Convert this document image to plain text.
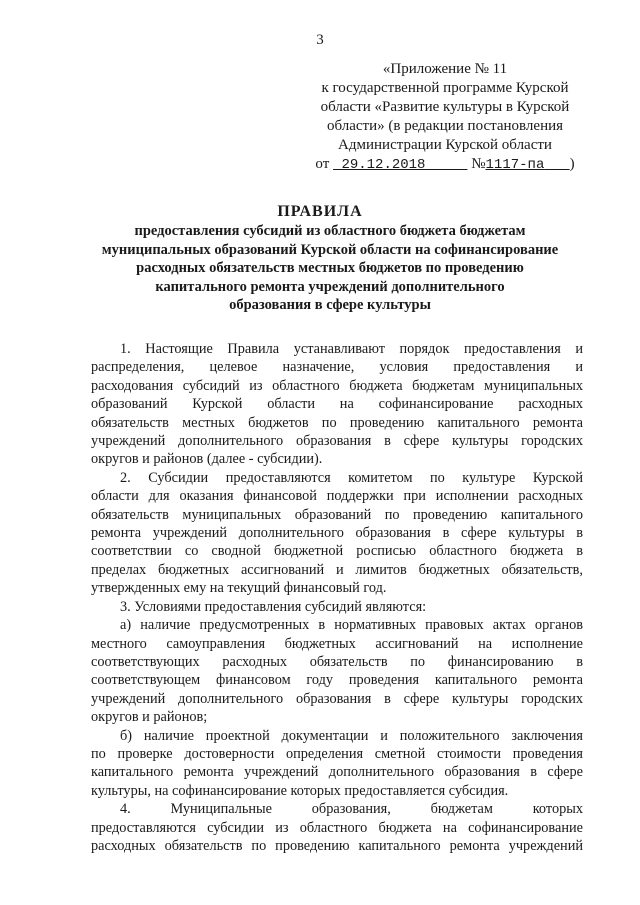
3
«Приложение № 11
к государственной программе Курской
области «Развитие культуры в Курской
области» (в редакции постановления
Администрации Курской области
от 29.12.2018	№1117-па )
ПРАВИЛА
предоставления субсидий из областного бюджета бюджетам
муниципальных образований Курской области на софинансирование
расходных обязательств местных бюджетов по проведению
капитального ремонта учреждений дополнительного
образования в сфере культуры
1. Настоящие Правила устанавливают порядок предоставления и
распределения, целевое назначение, условия предоставления и
расходования субсидий из областного бюджета бюджетам муниципальных
образований Курской области на софинансирование расходных
обязательств местных бюджетов по проведению капитального ремонта
учреждений дополнительного образования в сфере культуры городских
округов и районов (далее - субсидии).
2. Субсидии предоставляются комитетом по культуре Курской
области для оказания финансовой поддержки при исполнении расходных
обязательств муниципальных образований по проведению капитального
ремонта учреждений дополнительного образования в сфере культуры в
соответствии со сводной бюджетной росписью областного бюджета в
пределах бюджетных ассигнований и лимитов бюджетных обязательств,
утвержденных ему на текущий финансовый год.
3. Условиями предоставления субсидий являются:
а) наличие предусмотренных в нормативных правовых актах органов
местного самоуправления бюджетных ассигнований на исполнение
соответствующих расходных обязательств по финансированию в
соответствующем финансовом году проведения капитального ремонта
учреждений дополнительного образования в сфере культуры городских
округов и районов;
б) наличие проектной документации и положительного заключения
по проверке достоверности определения сметной стоимости проведения
капитального ремонта учреждений дополнительного образования в сфере
культуры, на софинансирование которых предоставляется субсидия.
4. Муниципальные образования, бюджетам которых
предоставляются субсидии из областного бюджета на софинансирование
расходных обязательств по проведению капитального ремонта учреждений
